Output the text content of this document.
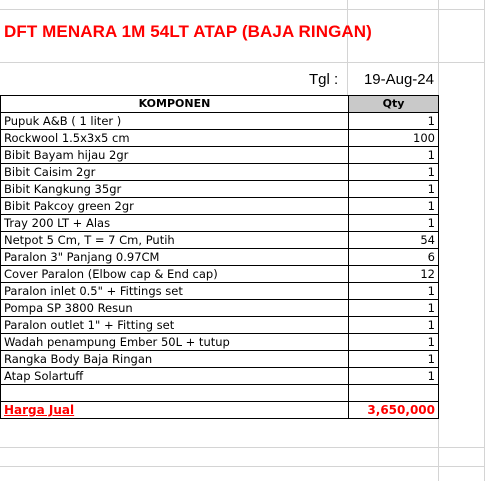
DFT MENARA 1M 54LT ATAP (BAJA RINGAN)
Tgl :	19-Aug-24
KOMPONEN	Qty
Pupuk A&B ( 1 liter )	1
Rockwool 1.5x3x5 cm	100
Bibit Bayam hijau 2gr	1
Bibit Caisim 2gr	1
Bibit Kangkung 35gr	1
Bibit Pakcoy green 2gr	1
Tray 200 LT + Alas	1
Netpot 5 Cm, T = 7 Cm, Putih	54
Paralon 3" Panjang 0.97CM	6
Cover Paralon (Elbow cap & End cap)	12
Paralon inlet 0.5" + Fittings set	1
Pompa SP 3800 Resun	1
Paralon outlet 1" + Fitting set	1
Wadah penampung Ember 50L + tutup	1
Rangka Body Baja Ringan	1
Atap Solartuff	1

Harga Jual	3,650,000
